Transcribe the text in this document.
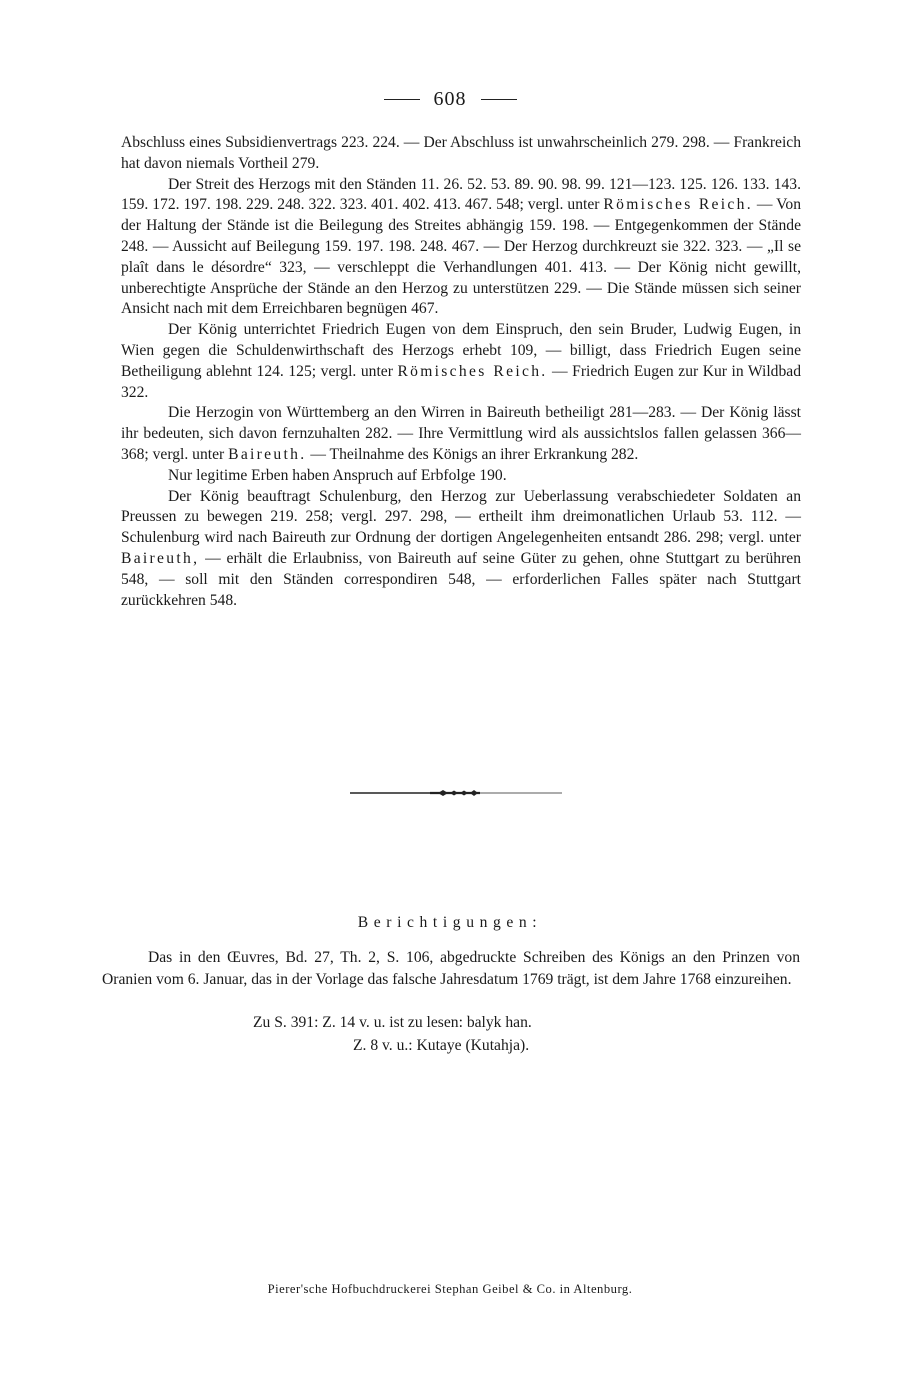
608

Abschluss eines Subsidienvertrags 223. 224. — Der Abschluss ist unwahrscheinlich 279. 298. — Frankreich hat davon niemals Vortheil 279.

Der Streit des Herzogs mit den Ständen 11. 26. 52. 53. 89. 90. 98. 99. 121—123. 125. 126. 133. 143. 159. 172. 197. 198. 229. 248. 322. 323. 401. 402. 413. 467. 548; vergl. unter Römisches Reich. — Von der Haltung der Stände ist die Beilegung des Streites abhängig 159. 198. — Entgegenkommen der Stände 248. — Aussicht auf Beilegung 159. 197. 198. 248. 467. — Der Herzog durchkreuzt sie 322. 323. — „Il se plaît dans le désordre“ 323, — verschleppt die Verhandlungen 401. 413. — Der König nicht gewillt, unberechtigte Ansprüche der Stände an den Herzog zu unterstützen 229. — Die Stände müssen sich seiner Ansicht nach mit dem Erreichbaren begnügen 467.

Der König unterrichtet Friedrich Eugen von dem Einspruch, den sein Bruder, Ludwig Eugen, in Wien gegen die Schuldenwirthschaft des Herzogs erhebt 109, — billigt, dass Friedrich Eugen seine Betheiligung ablehnt 124. 125; vergl. unter Römisches Reich. — Friedrich Eugen zur Kur in Wildbad 322.

Die Herzogin von Württemberg an den Wirren in Baireuth betheiligt 281—283. — Der König lässt ihr bedeuten, sich davon fernzuhalten 282. — Ihre Vermittlung wird als aussichtslos fallen gelassen 366—368; vergl. unter Baireuth. — Theilnahme des Königs an ihrer Erkrankung 282.

Nur legitime Erben haben Anspruch auf Erbfolge 190.

Der König beauftragt Schulenburg, den Herzog zur Ueberlassung verabschiedeter Soldaten an Preussen zu bewegen 219. 258; vergl. 297. 298, — ertheilt ihm dreimonatlichen Urlaub 53. 112. — Schulenburg wird nach Baireuth zur Ordnung der dortigen Angelegenheiten entsandt 286. 298; vergl. unter Baireuth, — erhält die Erlaubniss, von Baireuth auf seine Güter zu gehen, ohne Stuttgart zu berühren 548, — soll mit den Ständen correspondiren 548, — erforderlichen Falles später nach Stuttgart zurückkehren 548.

Berichtigungen:

Das in den Œuvres, Bd. 27, Th. 2, S. 106, abgedruckte Schreiben des Königs an den Prinzen von Oranien vom 6. Januar, das in der Vorlage das falsche Jahresdatum 1769 trägt, ist dem Jahre 1768 einzureihen.

Zu S. 391: Z. 14 v. u. ist zu lesen: balyk han.
Z. 8 v. u.: Kutaye (Kutahja).
Pierer'sche Hofbuchdruckerei Stephan Geibel & Co. in Altenburg.
